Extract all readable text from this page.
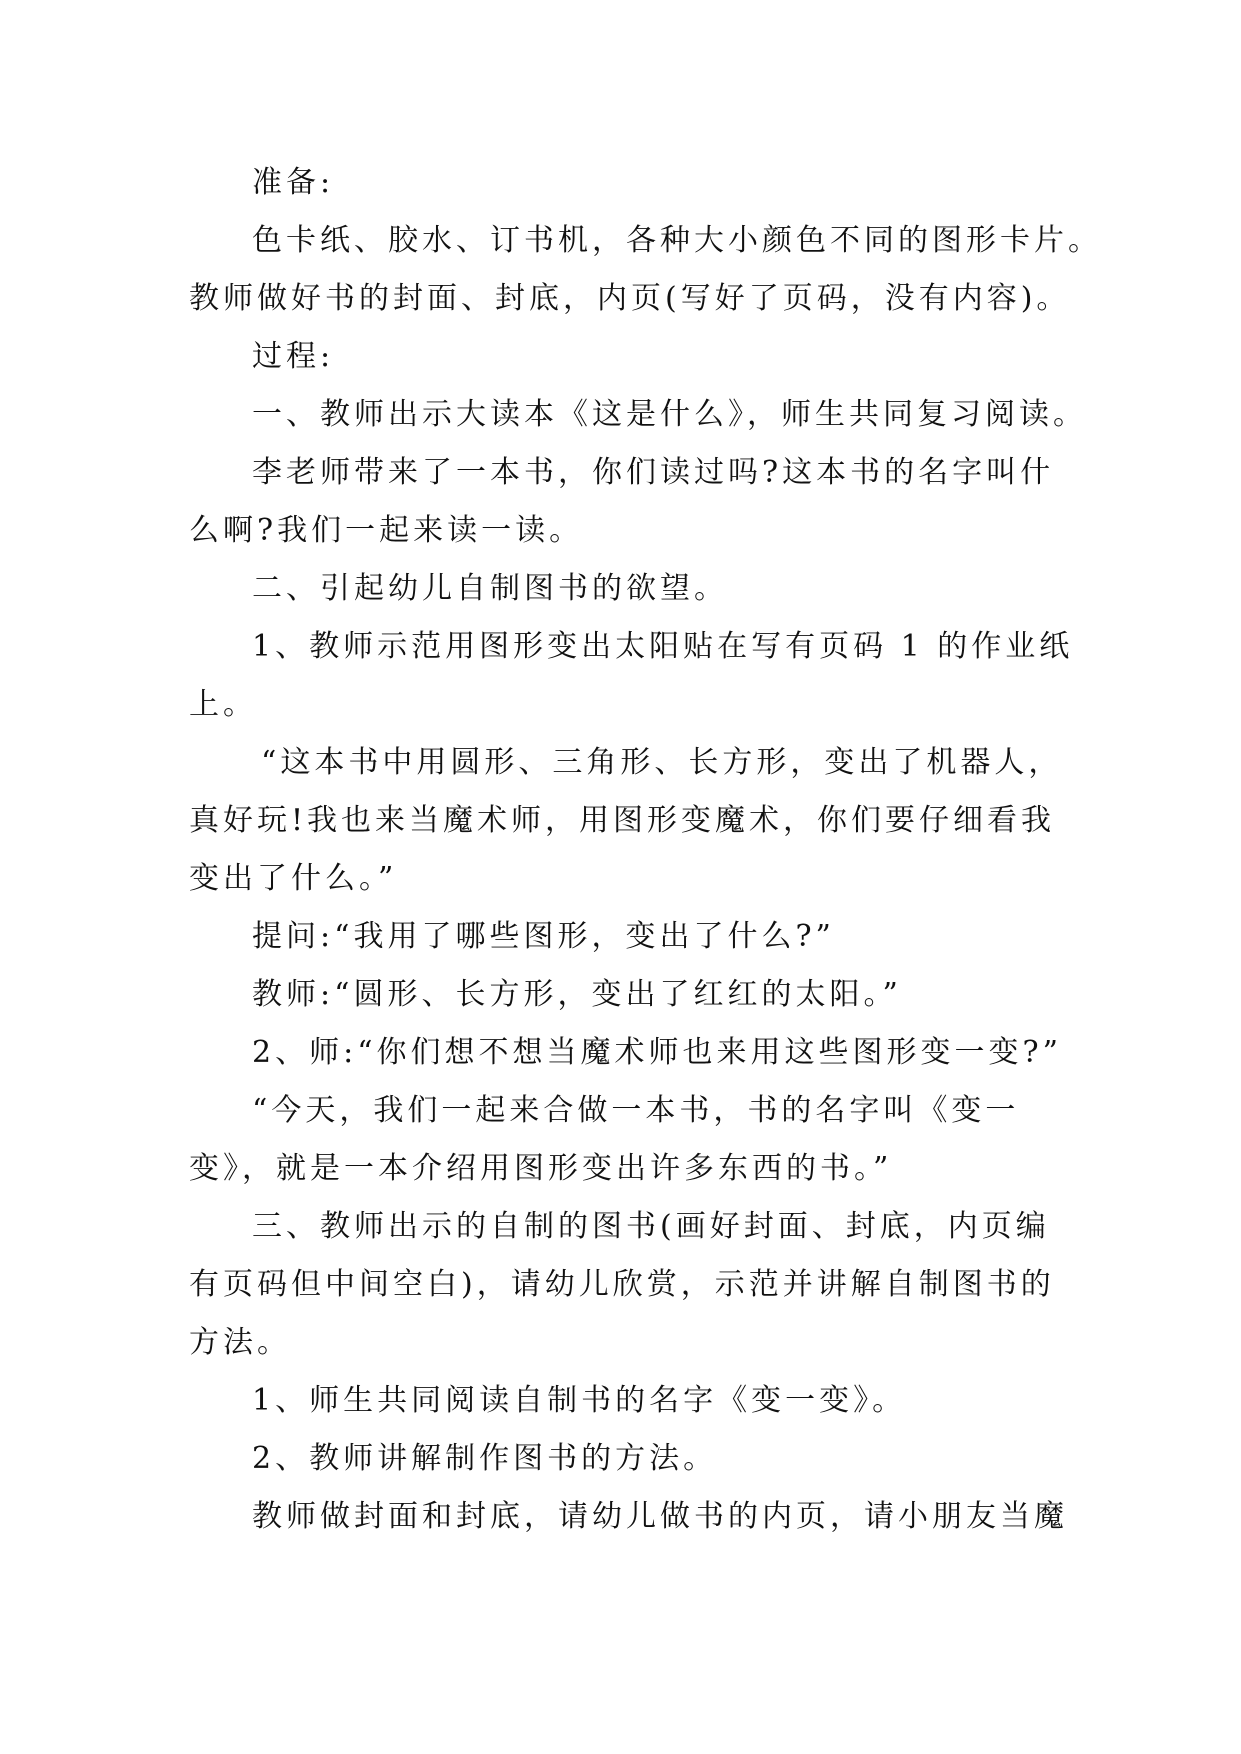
准备:
色卡纸、胶水、订书机，各种大小颜色不同的图形卡片。
教师做好书的封面、封底，内页(写好了页码，没有内容)。
过程:
一、教师出示大读本《这是什么》，师生共同复习阅读。
李老师带来了一本书，你们读过吗?这本书的名字叫什
么啊?我们一起来读一读。
二、引起幼儿自制图书的欲望。
1、教师示范用图形变出太阳贴在写有页码 1 的作业纸
上。
“这本书中用圆形、三角形、长方形，变出了机器人，
真好玩!我也来当魔术师，用图形变魔术，你们要仔细看我
变出了什么。”
提问:“我用了哪些图形，变出了什么?”
教师:“圆形、长方形，变出了红红的太阳。”
2、师:“你们想不想当魔术师也来用这些图形变一变?”
“今天，我们一起来合做一本书，书的名字叫《变一
变》，就是一本介绍用图形变出许多东西的书。”
三、教师出示的自制的图书(画好封面、封底，内页编
有页码但中间空白)，请幼儿欣赏，示范并讲解自制图书的
方法。
1、师生共同阅读自制书的名字《变一变》。
2、教师讲解制作图书的方法。
教师做封面和封底，请幼儿做书的内页，请小朋友当魔
